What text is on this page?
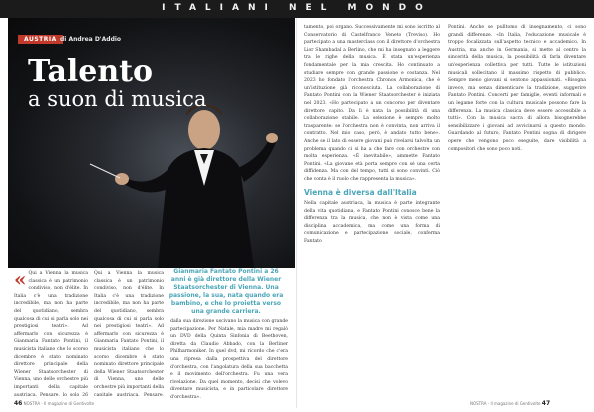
ITALIANI NEL MONDO
AUSTRIA di Andrea D'Addio
Talento
a suon di musica
Gianmaria Fantato Pontini a 26 anni è già direttore della Wiener Staatsorchester di Vienna. Una passione, la sua, nata quando era bambino, e che lo proietta verso una grande carriera.
« Qui a Vienna la musica classica è un patrimonio condiviso, non d'élite. In Italia c'è una tradizione incredibile, ma non ha parte del quotidiano, sembra qualcosa di cui si parla solo nei prestigiosi teatri». Ad affermarlo con sicurezza è Gianmaria Fantato Pontini, il musicista italiano che lo scorso dicembre è stato nominato direttore principale della Wiener Staatsorchester di Vienna, uno delle orchestre più importanti della capitale austriaca. Pensare, lo solo 26

Qui a Vienna la musica classica è un patrimonio condiviso, non d'élite. In Italia c'è una tradizione incredibile, ma non ha parte del quotidiano, sembra qualcosa di cui si parla solo nei prestigiosi teatri». Ad affermarlo con sicurezza è Gianmaria Fantato Pontini, il musicista italiano che lo scorso dicembre è stato nominato direttore principale della Wiener Staatsorchester di Vienna, uno delle orchestre più importanti della capitale austriaca. Pensare,

dalla sua direzione uscivano la musica con grande partecipazione. Per Natale, mia madre mi regalò un DVD della Quinta Sinfonia di Beethoven, diretta da Claudio Abbado, con la Berliner Philharmoniker. In quel dvd, mi ricordo che c'era una ripresa dalla prospettiva del direttore d'orchestra, con l'angolatura della sua bacchetta e il movimento dell'orchestra. Fu una vera rivelazione. Da quel momento, decisi che volevo diventare musicista, e in particolare direttore d'orchestra».

tamento, poi organo. Successivamente mi sono iscritto al Conservatorio di Castelfranco Veneto (Treviso). Ho partecipato a una masterclass con il direttore d'orchestra Lior Shambadal a Berlino, che mi ha insegnato a leggere tra le righe della musica. È stata un'esperienza fondamentale per la mia crescita. Ho continuato a studiare sempre con grande passione e costanza. Nel 2023 ho fondato l'orchestra Chronos Armonica, che è un'istituzione già riconosciuta. La collaborazione di Fantato Pontini con la Wiener Staatsorchester è iniziata nel 2023. «Ho partecipato a un concorso per diventare direttore capito. Da lì è nata la possibilità di una collaborazione stabile. La selezione è sempre molto trasparente: se l'orchestra non è convinta, non arriva il contratto. Nel mio caso, però, è andato tutto bene». Anche se il lato di essere giovani può rivelarsi talvolta un problema quando ci si ha a che fare con orchestre con molta esperienza. «È inevitabile», ammette Fantato Pontini. «La giovane età porta sempre con sé una certa diffidenza. Ma con del tempo, tutti si sono convinti. Ciò che conta è il ruolo che rappresenta la musica».

Vienna è diversa dall'Italia

Nella capitale austriaca, la musica è parte integrante della vita quotidiana, e Fantato Pontini conosce bene la differenza tra la musica, che non è vista come una disciplina accademica, ma come una forma di comunicazione e partecipazione sociale, conferma Fantato

Pontini. Anche se pulltomo di insegnamento, ci sono grandi differenze. «In Italia, l'educazione musicale è troppo focalizzata sull'aspetto tecnico e accademico. In Austria, ma anche in Germania, si mette al centro la sincerità della musica, la possibilità di farla diventare un'esperienza collettiva per tutti. Tutte le istituzioni musicali sollecitano il massimo rispetto di pubblico. Sempre meno giovani si sentono appassionati. «Bisogna invece, ma senza dimenticare la tradizione, suggerire Fantato Pontini. Concerti per famiglie, eventi informali e un legame forte con la cultura musicale possono fare la differenza. La musica classica deve essere accessibile a tutti». Con la musica sacra di allora bisognerebbe sensibilizzare i giovani ad avvicinarsi a questo mondo. Guardando al futuro, Fantato Pontini sogna di dirigere opere che vengono poco eseguite, dare visibilità a compositori che sono poco noti.

46 NOSTRA - Il magazine di Gentivolte	NOSTRA - Il magazine di Gentivolte 47
